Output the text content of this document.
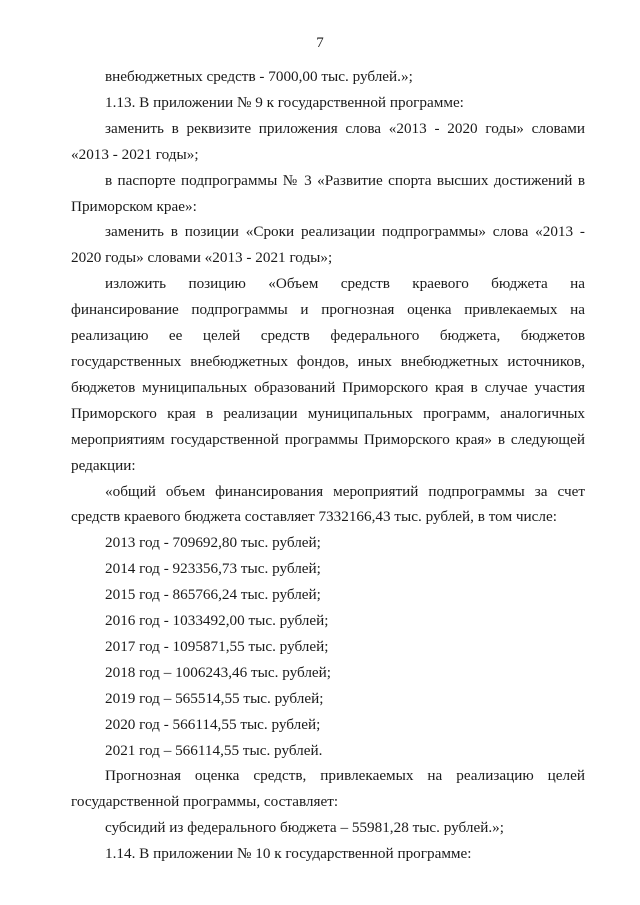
7

внебюджетных средств - 7000,00 тыс. рублей.»;

1.13. В приложении № 9 к государственной программе:

заменить в реквизите приложения слова «2013 - 2020 годы» словами «2013 - 2021 годы»;

в паспорте подпрограммы № 3 «Развитие спорта высших достижений в Приморском крае»:

заменить в позиции «Сроки реализации подпрограммы» слова «2013 - 2020 годы» словами «2013 - 2021 годы»;

изложить позицию «Объем средств краевого бюджета на финансирование подпрограммы и прогнозная оценка привлекаемых на реализацию ее целей средств федерального бюджета, бюджетов государственных внебюджетных фондов, иных внебюджетных источников, бюджетов муниципальных образований Приморского края в случае участия Приморского края в реализации муниципальных программ, аналогичных мероприятиям государственной программы Приморского края» в следующей редакции:

«общий объем финансирования мероприятий подпрограммы за счет средств краевого бюджета составляет 7332166,43 тыс. рублей, в том числе:

2013 год - 709692,80 тыс. рублей;

2014 год - 923356,73 тыс. рублей;

2015 год - 865766,24 тыс. рублей;

2016 год - 1033492,00 тыс. рублей;

2017 год - 1095871,55 тыс. рублей;

2018 год – 1006243,46 тыс. рублей;

2019 год – 565514,55 тыс. рублей;

2020 год - 566114,55 тыс. рублей;

2021 год – 566114,55 тыс. рублей.

Прогнозная оценка средств, привлекаемых на реализацию целей государственной программы, составляет:

субсидий из федерального бюджета – 55981,28 тыс. рублей.»;

1.14. В приложении № 10 к государственной программе:
